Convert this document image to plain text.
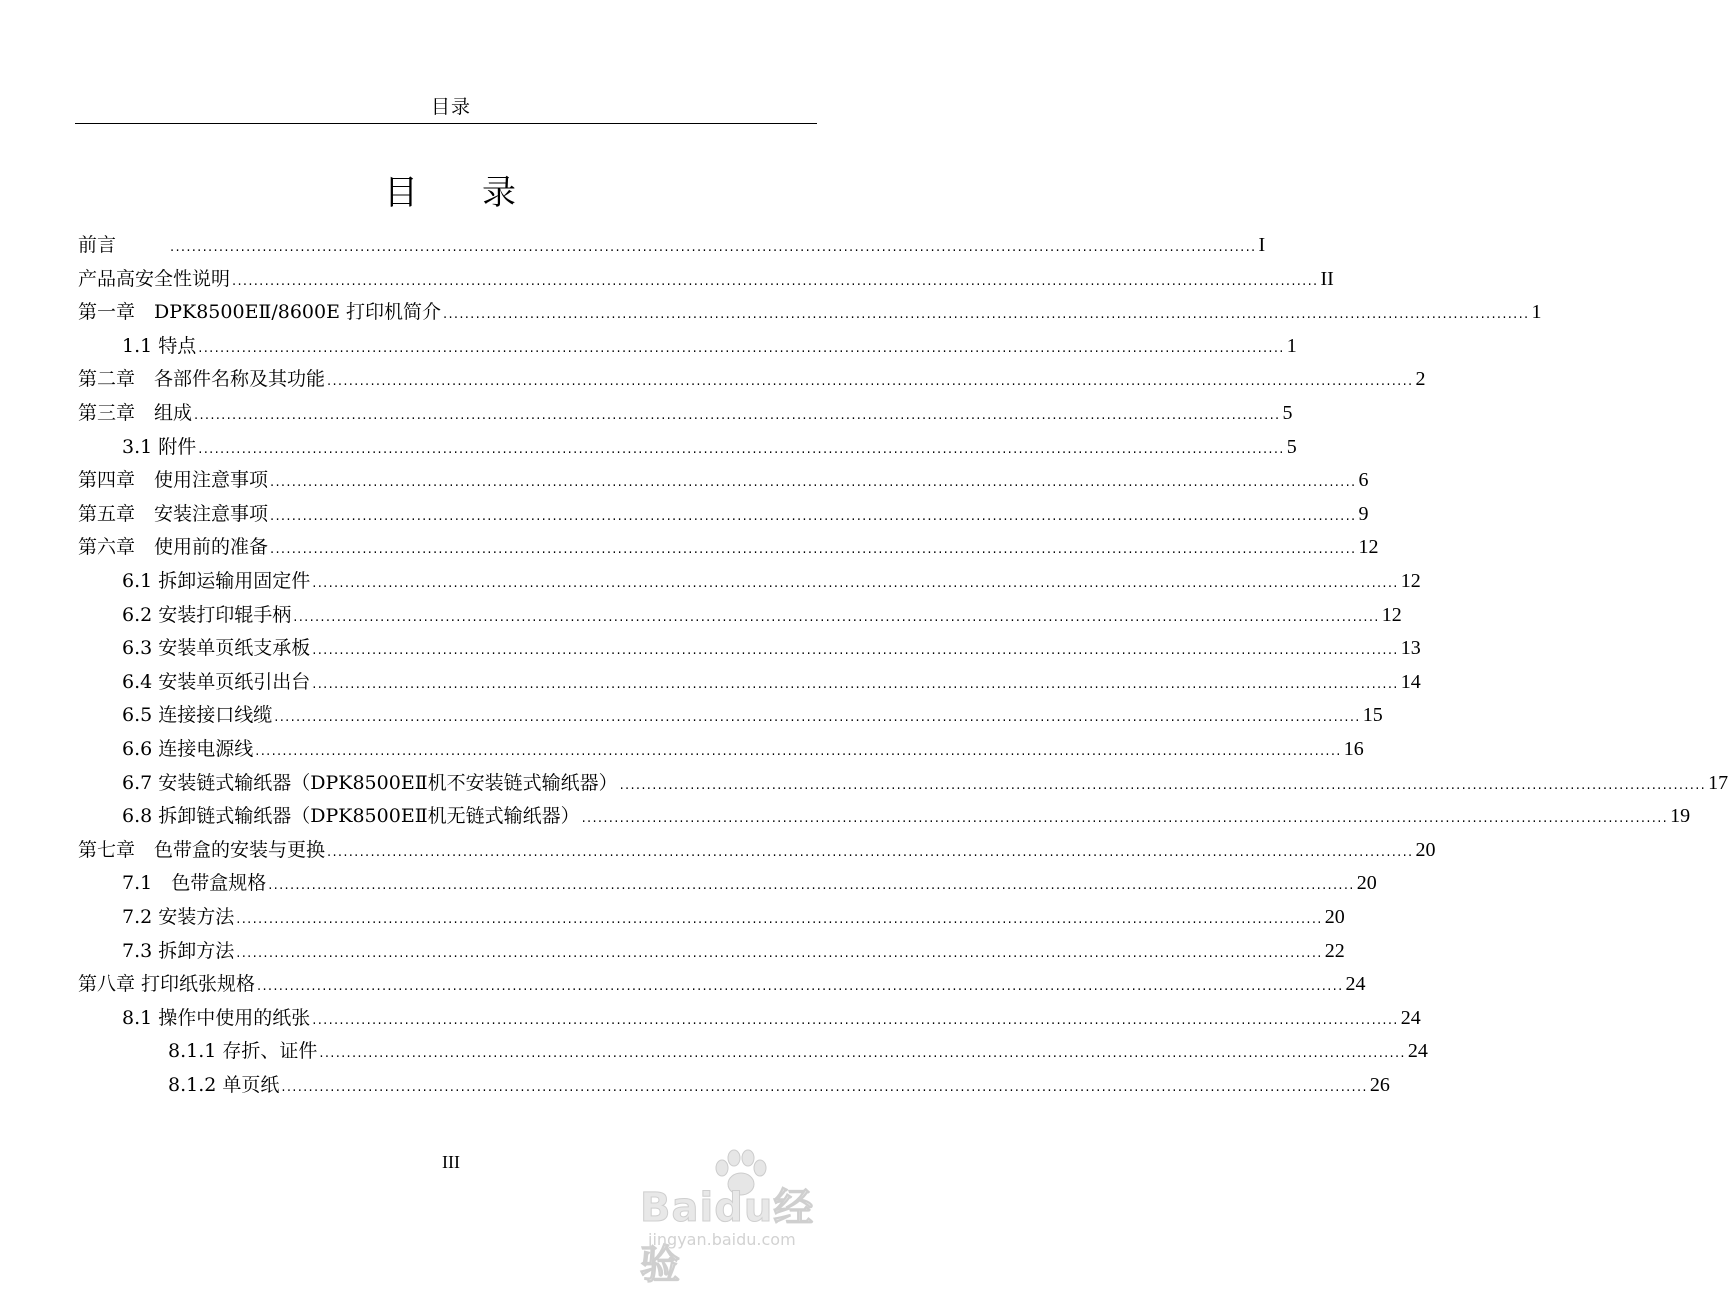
目录
目 录
前言	........................................................................................................................................................................................................ I
产品高安全性说明 ........................................................................................................................................................................................................ II
第一章　DPK8500EⅡ/8600E 打印机简介 ........................................................................................................................................................................................................ 1
1.1 特点 ........................................................................................................................................................................................................ 1
第二章　各部件名称及其功能 ........................................................................................................................................................................................................ 2
第三章　组成 ........................................................................................................................................................................................................ 5
3.1 附件 ........................................................................................................................................................................................................ 5
第四章　使用注意事项 ........................................................................................................................................................................................................ 6
第五章　安装注意事项 ........................................................................................................................................................................................................ 9
第六章　使用前的准备 ........................................................................................................................................................................................................ 12
6.1 拆卸运输用固定件 ........................................................................................................................................................................................................ 12
6.2 安装打印辊手柄 ........................................................................................................................................................................................................ 12
6.3 安装单页纸支承板 ........................................................................................................................................................................................................ 13
6.4 安装单页纸引出台 ........................................................................................................................................................................................................ 14
6.5 连接接口线缆 ........................................................................................................................................................................................................ 15
6.6 连接电源线 ........................................................................................................................................................................................................ 16
6.7 安装链式输纸器（DPK8500EⅡ机不安装链式输纸器） ........................................................................................................................................................................................................ 17
6.8 拆卸链式输纸器（DPK8500EⅡ机无链式输纸器） ........................................................................................................................................................................................................ 19
第七章　色带盒的安装与更换 ........................................................................................................................................................................................................ 20
7.1　色带盒规格 ........................................................................................................................................................................................................ 20
7.2 安装方法 ........................................................................................................................................................................................................ 20
7.3 拆卸方法 ........................................................................................................................................................................................................ 22
第八章 打印纸张规格 ........................................................................................................................................................................................................ 24
8.1 操作中使用的纸张 ........................................................................................................................................................................................................ 24
8.1.1 存折、证件 ........................................................................................................................................................................................................ 24
8.1.2 单页纸 ........................................................................................................................................................................................................ 26
III
Baidu经验
jingyan.baidu.com
